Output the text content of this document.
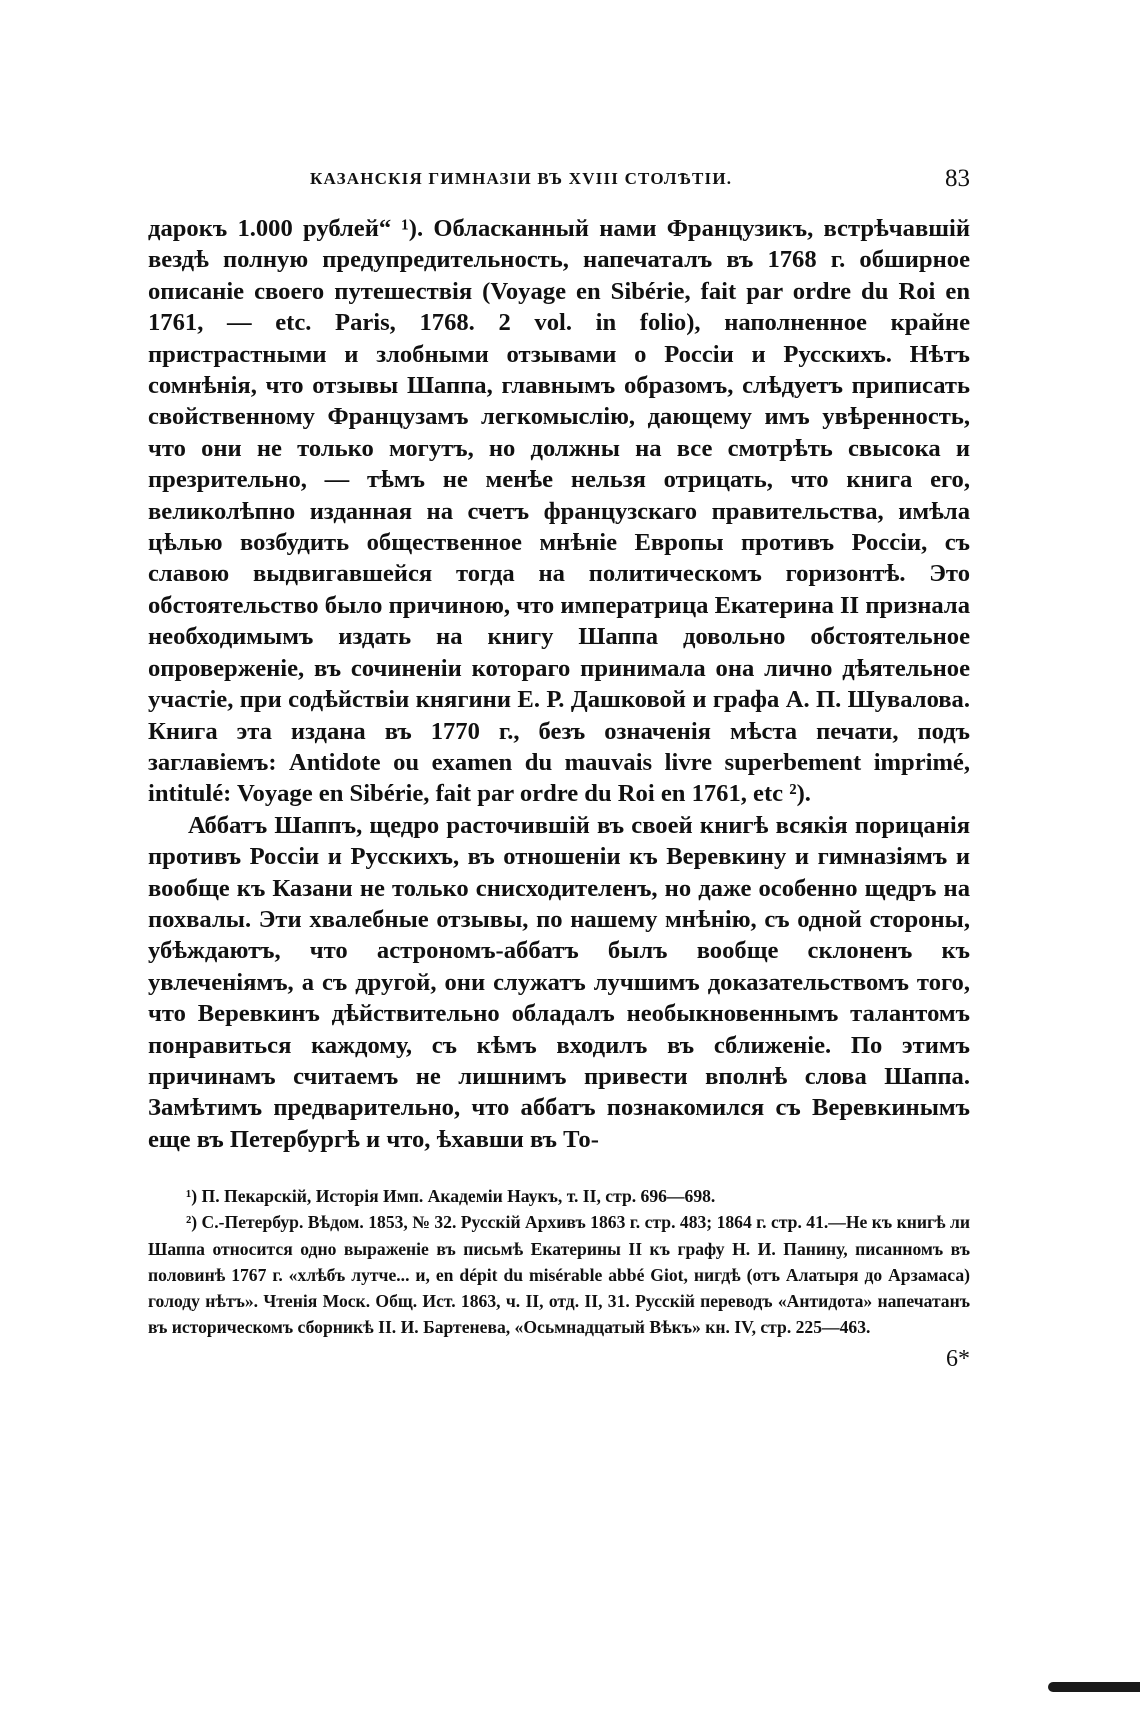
КАЗАНСКІЯ ГИМНАЗІИ ВЪ XVIII СТОЛѢТІИ.	83

дарокъ 1.000 рублей“ ¹). Обласканный нами Французикъ, встрѣчавшій вездѣ полную предупредительность, напечаталъ въ 1768 г. обширное описаніе своего путешествія (Voyage en Sibérie, fait par ordre du Roi en 1761, — etc. Paris, 1768. 2 vol. in folio), наполненное крайне пристрастными и злобными отзывами о Россіи и Русскихъ. Нѣтъ сомнѣнія, что отзывы Шаппа, главнымъ образомъ, слѣдуетъ приписать свойственному Французамъ легкомыслію, дающему имъ увѣренность, что они не только могутъ, но должны на все смотрѣть свысока и презрительно, — тѣмъ не менѣе нельзя отрицать, что книга его, великолѣпно изданная на счетъ французскаго правительства, имѣла цѣлью возбудить общественное мнѣніе Европы противъ Россіи, съ славою выдвигавшейся тогда на политическомъ горизонтѣ. Это обстоятельство было причиною, что императрица Екатерина II признала необходимымъ издать на книгу Шаппа довольно обстоятельное опроверженіе, въ сочиненіи котораго принимала она лично дѣятельное участіе, при содѣйствіи княгини Е. Р. Дашковой и графа А. П. Шувалова. Книга эта издана въ 1770 г., безъ означенія мѣста печати, подъ заглавіемъ: Antidote ou examen du mauvais livre superbement imprimé, intitulé: Voyage en Sibérie, fait par ordre du Roi en 1761, etc ²).

Аббатъ Шаппъ, щедро расточившій въ своей книгѣ всякія порицанія противъ Россіи и Русскихъ, въ отношеніи къ Веревкину и гимназіямъ и вообще къ Казани не только снисходителенъ, но даже особенно щедръ на похвалы. Эти хвалебные отзывы, по нашему мнѣнію, съ одной стороны, убѣждаютъ, что астрономъ-аббатъ былъ вообще склоненъ къ увлеченіямъ, а съ другой, они служатъ лучшимъ доказательствомъ того, что Веревкинъ дѣйствительно обладалъ необыкновеннымъ талантомъ понравиться каждому, съ кѣмъ входилъ въ сближеніе. По этимъ причинамъ считаемъ не лишнимъ привести вполнѣ слова Шаппа. Замѣтимъ предварительно, что аббатъ познакомился съ Веревкинымъ еще въ Петербургѣ и что, ѣхавши въ То-

¹) П. Пекарскій, Исторія Имп. Академіи Наукъ, т. II, стр. 696—698.

²) С.-Петербур. Вѣдом. 1853, № 32. Русскій Архивъ 1863 г. стр. 483; 1864 г. стр. 41.—Не къ книгѣ ли Шаппа относится одно выраженіе въ письмѣ Екатерины II къ графу Н. И. Панину, писанномъ въ половинѣ 1767 г. «хлѣбъ лутче... и, en dépit du misérable abbé Giot, нигдѣ (отъ Алатыря до Арзамаса) голоду нѣтъ». Чтенія Моск. Общ. Ист. 1863, ч. II, отд. II, 31. Русскій переводъ «Антидота» напечатанъ въ историческомъ сборникѣ II. И. Бартенева, «Осьмнадцатый Вѣкъ» кн. IV, стр. 225—463.

6*
